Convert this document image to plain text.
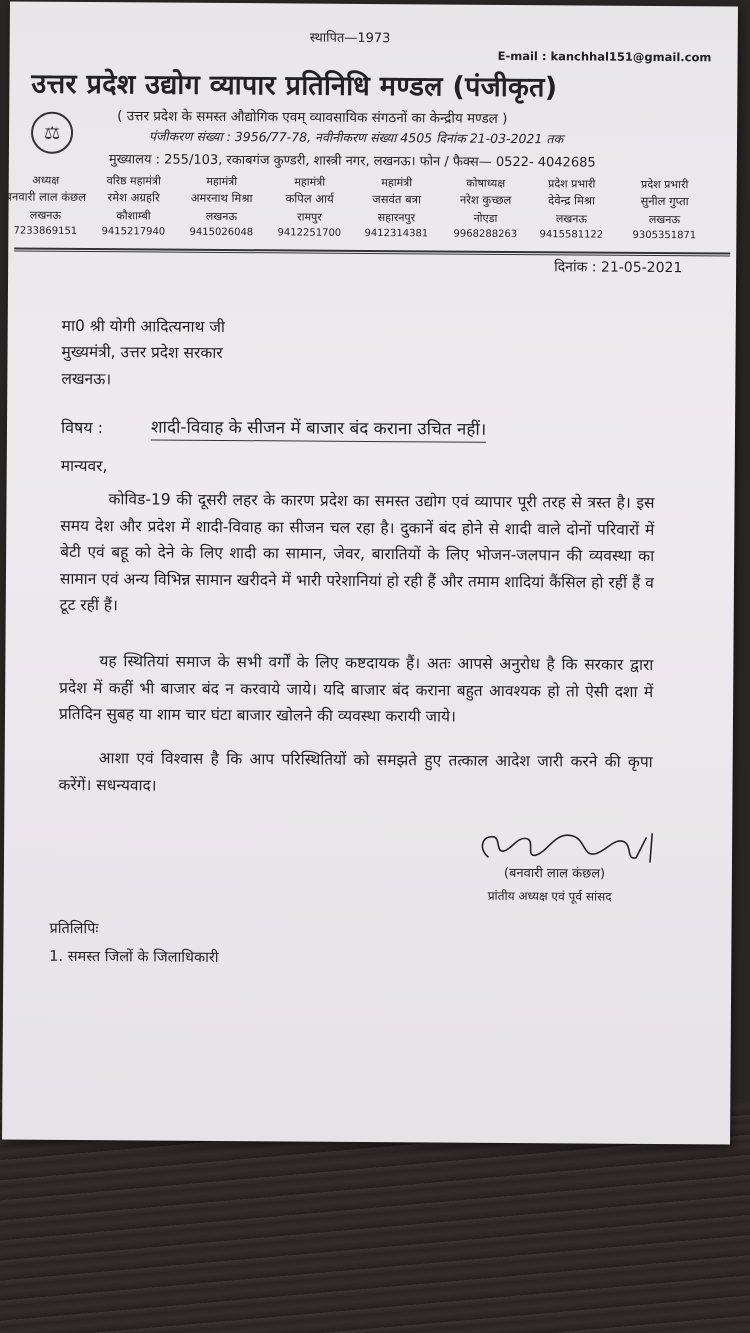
स्थापित—1973
E-mail : kanchhal151@gmail.com
उत्तर प्रदेश उद्योग व्यापार प्रतिनिधि मण्डल (पंजीकृत)
⚖
( उत्तर प्रदेश के समस्त औद्योगिक एवम् व्यावसायिक संगठनों का केन्द्रीय मण्डल )
पंजीकरण संख्या : 3956/77-78, नवीनीकरण संख्या 4505 दिनांक 21-03-2021 तक
मुख्यालय : 255/103, रकाबगंज कुण्डरी, शास्त्री नगर, लखनऊ। फोन / फैक्स— 0522- 4042685
अध्यक्ष
बनवारी लाल कंछल
लखनऊ
7233869151
वरिष्ठ महामंत्री
रमेश अग्रहरि
कौशाम्बी
9415217940
महामंत्री
अमरनाथ मिश्रा
लखनऊ
9415026048
महामंत्री
कपिल आर्य
रामपुर
9412251700
महामंत्री
जसवंत बत्रा
सहारनपुर
9412314381
कोषाध्यक्ष
नरेश कुच्छल
नोएडा
9968288263
प्रदेश प्रभारी
देवेन्द्र मिश्रा
लखनऊ
9415581122
प्रदेश प्रभारी
सुनील गुप्ता
लखनऊ
9305351871
दिनांक : 21-05-2021
मा0 श्री योगी आदित्यनाथ जी
मुख्यमंत्री, उत्तर प्रदेश सरकार
लखनऊ।
विषय :	शादी-विवाह के सीजन में बाजार बंद कराना उचित नहीं।
मान्यवर,
कोविड-19 की दूसरी लहर के कारण प्रदेश का समस्त उद्योग एवं व्यापार पूरी तरह से त्रस्त है। इस समय देश और प्रदेश में शादी-विवाह का सीजन चल रहा है। दुकानें बंद होने से शादी वाले दोनों परिवारों में बेटी एवं बहू को देने के लिए शादी का सामान, जेवर, बारातियों के लिए भोजन-जलपान की व्यवस्था का सामान एवं अन्य विभिन्न सामान खरीदने में भारी परेशानियां हो रही हैं और तमाम शादियां कैंसिल हो रहीं हैं व टूट रहीं हैं।
यह स्थितियां समाज के सभी वर्गों के लिए कष्टदायक हैं। अतः आपसे अनुरोध है कि सरकार द्वारा प्रदेश में कहीं भी बाजार बंद न करवाये जाये। यदि बाजार बंद कराना बहुत आवश्यक हो तो ऐसी दशा में प्रतिदिन सुबह या शाम चार घंटा बाजार खोलने की व्यवस्था करायी जाये।
आशा एवं विश्वास है कि आप परिस्थितियों को समझते हुए तत्काल आदेश जारी करने की कृपा करेंगें। सधन्यवाद।
(बनवारी लाल कंछल)
प्रांतीय अध्यक्ष एवं पूर्व सांसद
प्रतिलिपिः
1. समस्त जिलों के जिलाधिकारी
